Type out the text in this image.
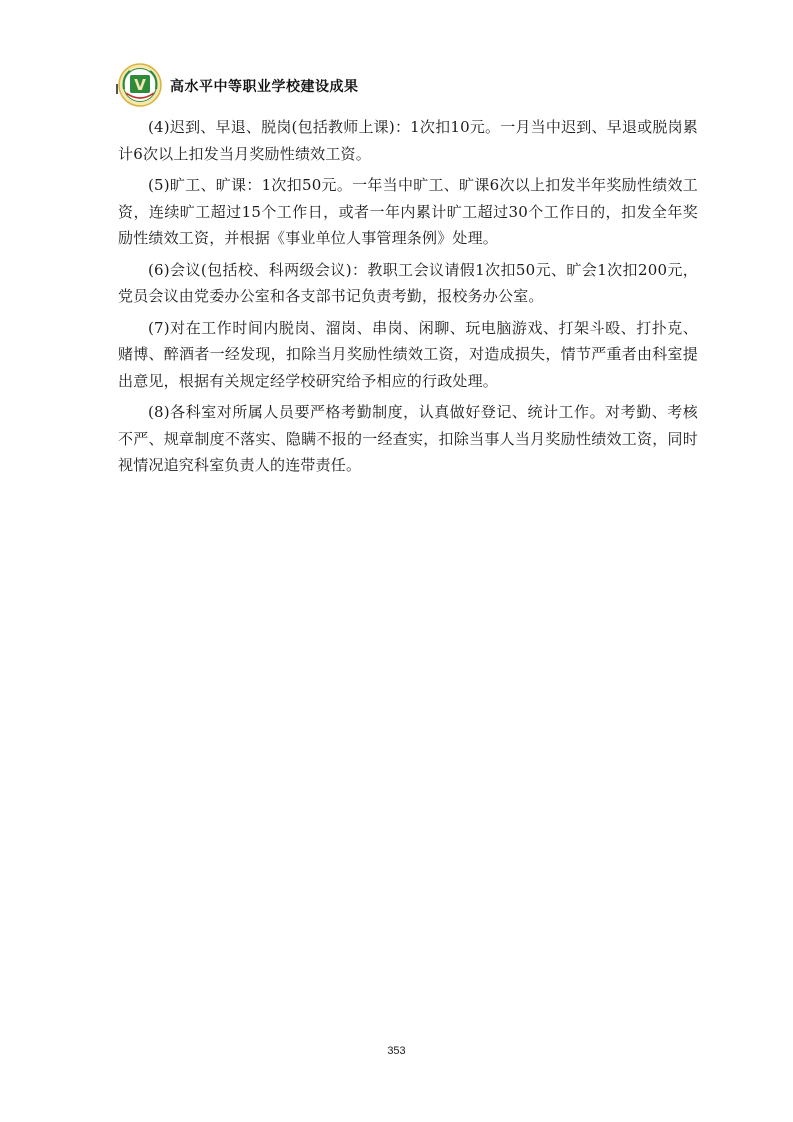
V 高水平中等职业学校建设成果

(4)迟到、早退、脱岗(包括教师上课)：1次扣10元。一月当中迟到、早退或脱岗累计6次以上扣发当月奖励性绩效工资。

(5)旷工、旷课：1次扣50元。一年当中旷工、旷课6次以上扣发半年奖励性绩效工资，连续旷工超过15个工作日，或者一年内累计旷工超过30个工作日的，扣发全年奖励性绩效工资，并根据《事业单位人事管理条例》处理。

(6)会议(包括校、科两级会议)：教职工会议请假1次扣50元、旷会1次扣200元，党员会议由党委办公室和各支部书记负责考勤，报校务办公室。

(7)对在工作时间内脱岗、溜岗、串岗、闲聊、玩电脑游戏、打架斗殴、打扑克、赌博、醉酒者一经发现，扣除当月奖励性绩效工资，对造成损失，情节严重者由科室提出意见，根据有关规定经学校研究给予相应的行政处理。

(8)各科室对所属人员要严格考勤制度，认真做好登记、统计工作。对考勤、考核不严、规章制度不落实、隐瞒不报的一经查实，扣除当事人当月奖励性绩效工资，同时视情况追究科室负责人的连带责任。

353
